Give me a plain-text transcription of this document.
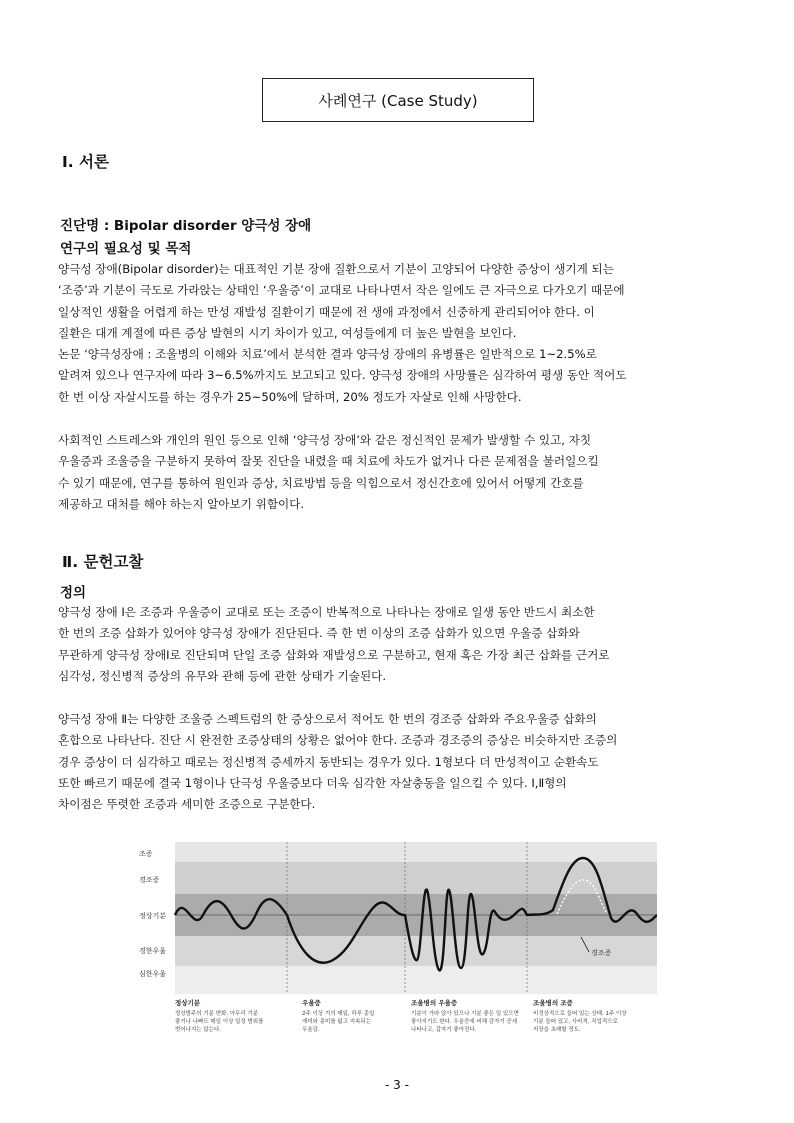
사례연구 (Case Study)
Ⅰ. 서론
진단명 : Bipolar disorder 양극성 장애
연구의 필요성 및 목적

양극성 장애(Bipolar disorder)는 대표적인 기분 장애 질환으로서 기분이 고양되어 다양한 증상이 생기게 되는
‘조증’과 기분이 극도로 가라앉는 상태인 ‘우울증’이 교대로 나타나면서 작은 일에도 큰 자극으로 다가오기 때문에
일상적인 생활을 어렵게 하는 만성 재발성 질환이기 때문에 전 생애 과정에서 신중하게 관리되어야 한다. 이
질환은 대개 계절에 따른 증상 발현의 시기 차이가 있고, 여성들에게 더 높은 발현을 보인다.
논문 ‘양극성장애 : 조울병의 이해와 치료’에서 분석한 결과 양극성 장애의 유병률은 일반적으로 1~2.5%로
알려져 있으나 연구자에 따라 3~6.5%까지도 보고되고 있다. 양극성 장애의 사망률은 심각하여 평생 동안 적어도
한 번 이상 자살시도를 하는 경우가 25~50%에 달하며, 20% 정도가 자살로 인해 사망한다.

사회적인 스트레스와 개인의 원인 등으로 인해 ‘양극성 장애’와 같은 정신적인 문제가 발생할 수 있고, 자칫
우울증과 조울증을 구분하지 못하여 잘못 진단을 내렸을 때 치료에 차도가 없거나 다른 문제점을 불러일으킬
수 있기 때문에, 연구를 통하여 원인과 증상, 치료방법 등을 익힘으로서 정신간호에 있어서 어떻게 간호를
제공하고 대처를 해야 하는지 알아보기 위함이다.

Ⅱ. 문헌고찰
정의

양극성 장애 Ⅰ은 조증과 우울증이 교대로 또는 조증이 반복적으로 나타나는 장애로 일생 동안 반드시 최소한
한 번의 조증 삽화가 있어야 양극성 장애가 진단된다. 즉 한 번 이상의 조증 삽화가 있으면 우울증 삽화와
무관하게 양극성 장애Ⅰ로 진단되며 단일 조증 삽화와 재발성으로 구분하고, 현재 혹은 가장 최근 삽화를 근거로
심각성, 정신병적 증상의 유무와 관해 등에 관한 상태가 기술된다.

양극성 장애 Ⅱ는 다양한 조울증 스펙트럼의 한 증상으로서 적어도 한 번의 경조증 삽화와 주요우울증 삽화의
혼합으로 나타난다. 진단 시 완전한 조증상태의 상황은 없어야 한다. 조증과 경조증의 증상은 비슷하지만 조증의
경우 증상이 더 심각하고 때로는 정신병적 증세까지 동반되는 경우가 있다. 1형보다 더 만성적이고 순환속도
또한 빠르기 때문에 결국 1형이나 단극성 우울증보다 더욱 심각한 자살충동을 일으킬 수 있다. Ⅰ,Ⅱ형의
차이점은 뚜렷한 조증과 세미한 조증으로 구분한다.

조증
경조증
정상기분
경한우울
심한우울
경조증
정상기분
정상범주의 기분 변화. 아무리 기분
좋거나 나빠도 매일 이상 일정 범위를
벗어나지는 않는다.
우울증
2주 이상 거의 매일, 하루 종일
재미와 흥미를 잃고 지속되는
우울감.
조울병의 우울증
기분이 가라 앉아 있으나 기분 좋은 일 있으면
좋아지기도 한다. 우울증에 비해 감자기 증세
나타나고, 갑자기 좋아진다.
조울병의 조증
비정상적으로 들떠 있는 상태. 1주 이상
기분 들떠 있고, 사비적, 직업적으로
지장을 초래할 정도.
- 3 -
